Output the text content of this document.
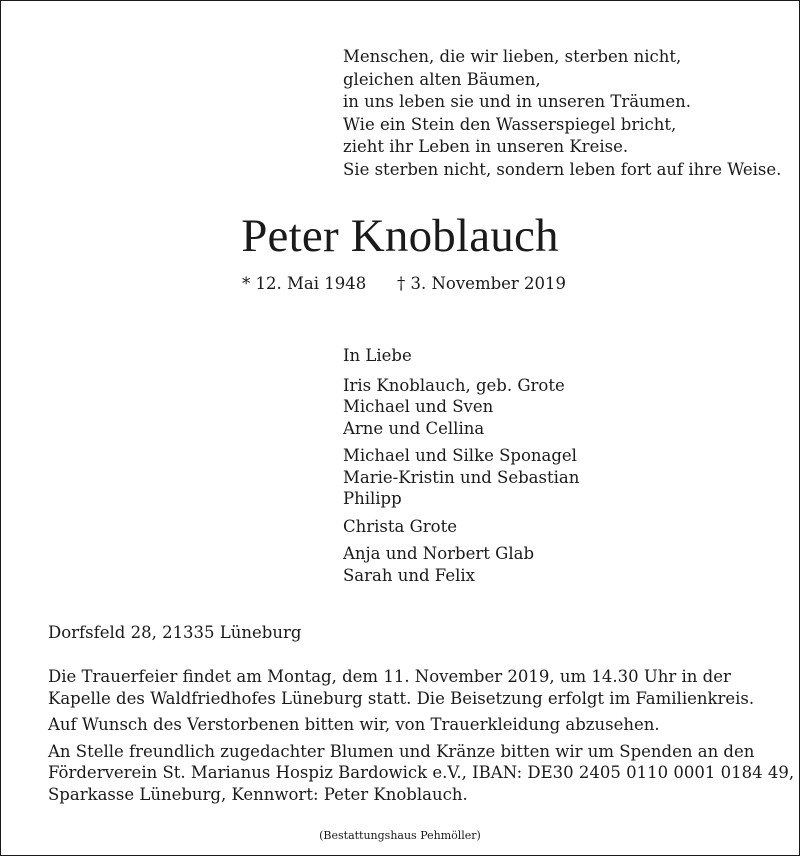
Menschen, die wir lieben, sterben nicht,
gleichen alten Bäumen,
in uns leben sie und in unseren Träumen.
Wie ein Stein den Wasserspiegel bricht,
zieht ihr Leben in unseren Kreise.
Sie sterben nicht, sondern leben fort auf ihre Weise.
Peter Knoblauch
* 12. Mai 1948 † 3. November 2019
In Liebe
Iris Knoblauch, geb. Grote
Michael und Sven
Arne und Cellina
Michael und Silke Sponagel
Marie-Kristin und Sebastian
Philipp
Christa Grote
Anja und Norbert Glab
Sarah und Felix
Dorfsfeld 28, 21335 Lüneburg
Die Trauerfeier findet am Montag, dem 11. November 2019, um 14.30 Uhr in der
Kapelle des Waldfriedhofes Lüneburg statt. Die Beisetzung erfolgt im Familienkreis.
Auf Wunsch des Verstorbenen bitten wir, von Trauerkleidung abzusehen.
An Stelle freundlich zugedachter Blumen und Kränze bitten wir um Spenden an den
Förderverein St. Marianus Hospiz Bardowick e.V., IBAN: DE30 2405 0110 0001 0184 49,
Sparkasse Lüneburg, Kennwort: Peter Knoblauch.
(Bestattungshaus Pehmöller)
